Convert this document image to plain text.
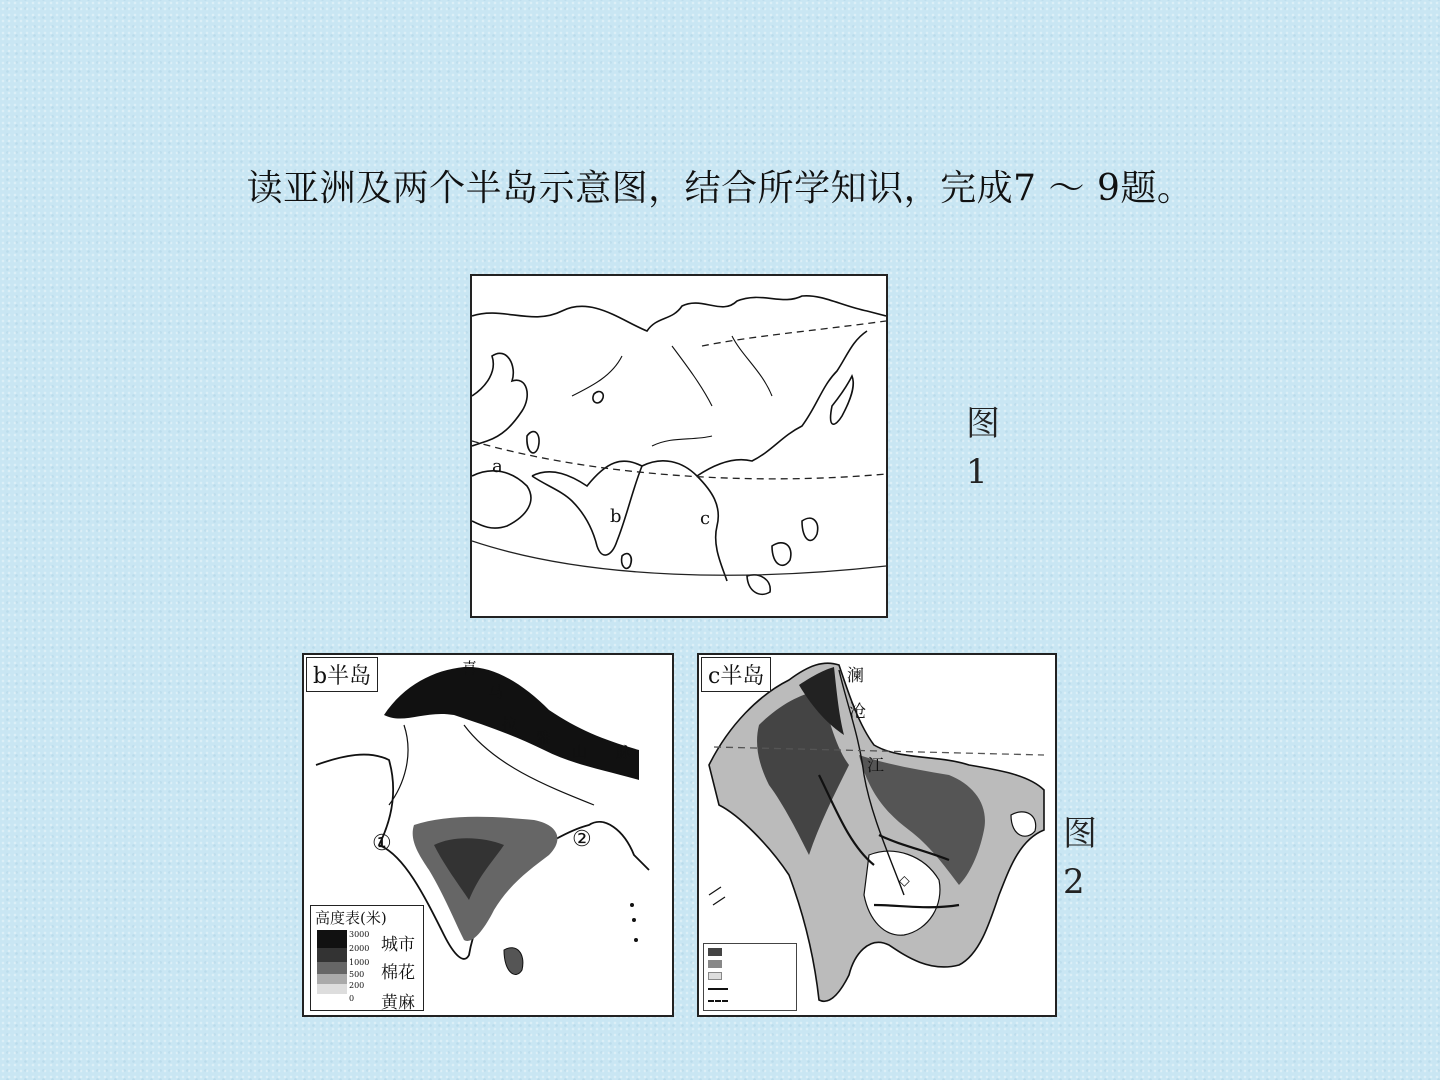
读亚洲及两个半岛示意图，结合所学知识，完成7 ～ 9题。
a
b	c
图
1
b半岛	喜
马
拉
雅
山 脉
①	②
高度表(米)
3000
2000
1000
500
200
0
城市
棉花
黄麻
c半岛	澜
沧
江
◇
图
2
